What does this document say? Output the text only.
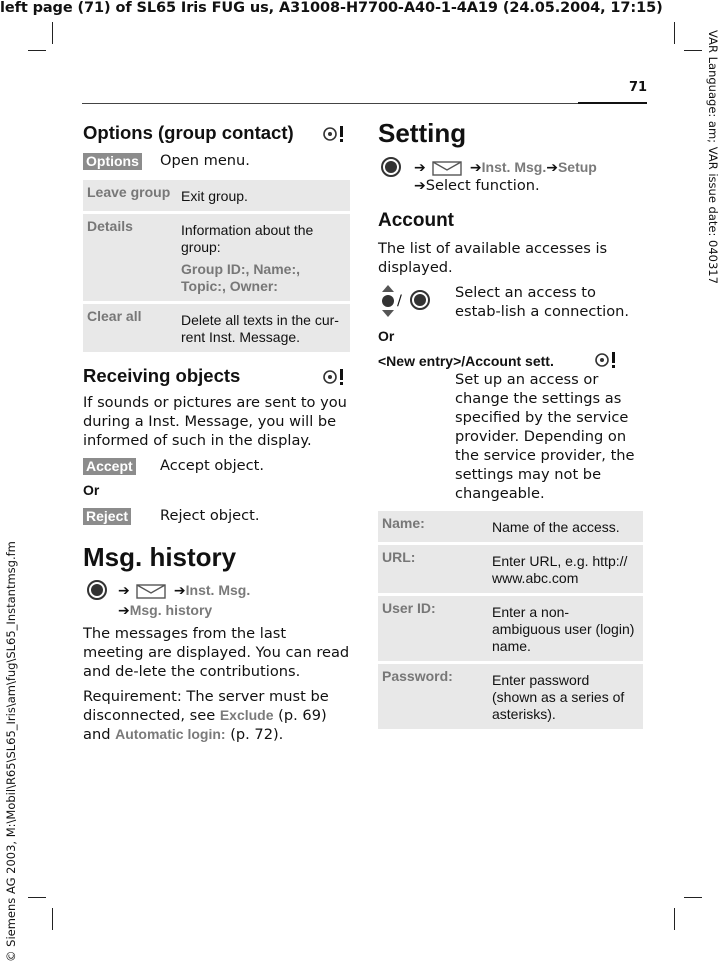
left page (71) of SL65 Iris FUG us, A31008-H7700-A40-1-4A19 (24.05.2004, 17:15)
VAR Language: am; VAR issue date: 040317
© Siemens AG 2003, M:\Mobil\R65\SL65_Iris\am\fug\SL65_Instantmsg.fm
71
Options (group contact)
Options Open menu.
Leave group	Exit group.
Details	Information about the group:
Group ID:, Name:, Topic:, Owner:

Clear all	Delete all texts in the cur-rent Inst. Message.
Receiving objects
If sounds or pictures are sent to you during a Inst. Message, you will be informed of such in the display.
Accept Accept object.
Or
Reject Reject object.
Msg. history
➔	➔Inst. Msg.
➔Msg. history
The messages from the last meeting are displayed. You can read and de-lete the contributions.
Requirement: The server must be disconnected, see Exclude (p. 69) and Automatic login: (p. 72).
Setting
➔	➔Inst. Msg.➔Setup
➔Select function.
Account
The list of available accesses is displayed.
/	Select an access to estab-lish a connection.
Or
<New entry>/Account sett.
Set up an access or change the settings as specified by the service provider. Depending on the service provider, the settings may not be changeable.
Name:	Name of the access.
URL:	Enter URL, e.g. http:// www.abc.com
User ID:	Enter a non-ambiguous user (login) name.
Password:	Enter password (shown as a series of asterisks).
